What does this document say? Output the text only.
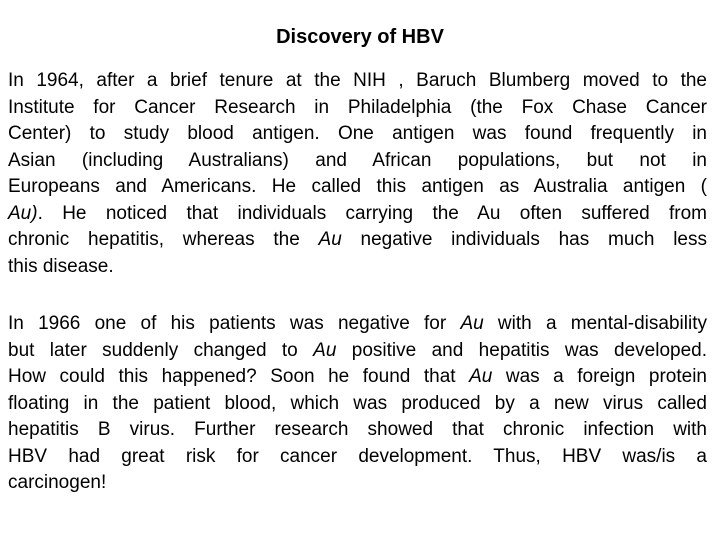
Discovery of HBV
In 1964, after a brief tenure at the NIH , Baruch Blumberg moved to the
Institute for Cancer Research in Philadelphia (the Fox Chase Cancer
Center) to study blood antigen. One antigen was found frequently in
Asian (including Australians) and African populations, but not in
Europeans and Americans. He called this antigen as Australia antigen (
Au). He noticed that individuals carrying the Au often suffered from
chronic hepatitis, whereas the Au negative individuals has much less
this disease.
In 1966 one of his patients was negative for Au with a mental-disability
but later suddenly changed to Au positive and hepatitis was developed.
How could this happened? Soon he found that Au was a foreign protein
floating in the patient blood, which was produced by a new virus called
hepatitis B virus. Further research showed that chronic infection with
HBV had great risk for cancer development. Thus, HBV was/is a
carcinogen!
